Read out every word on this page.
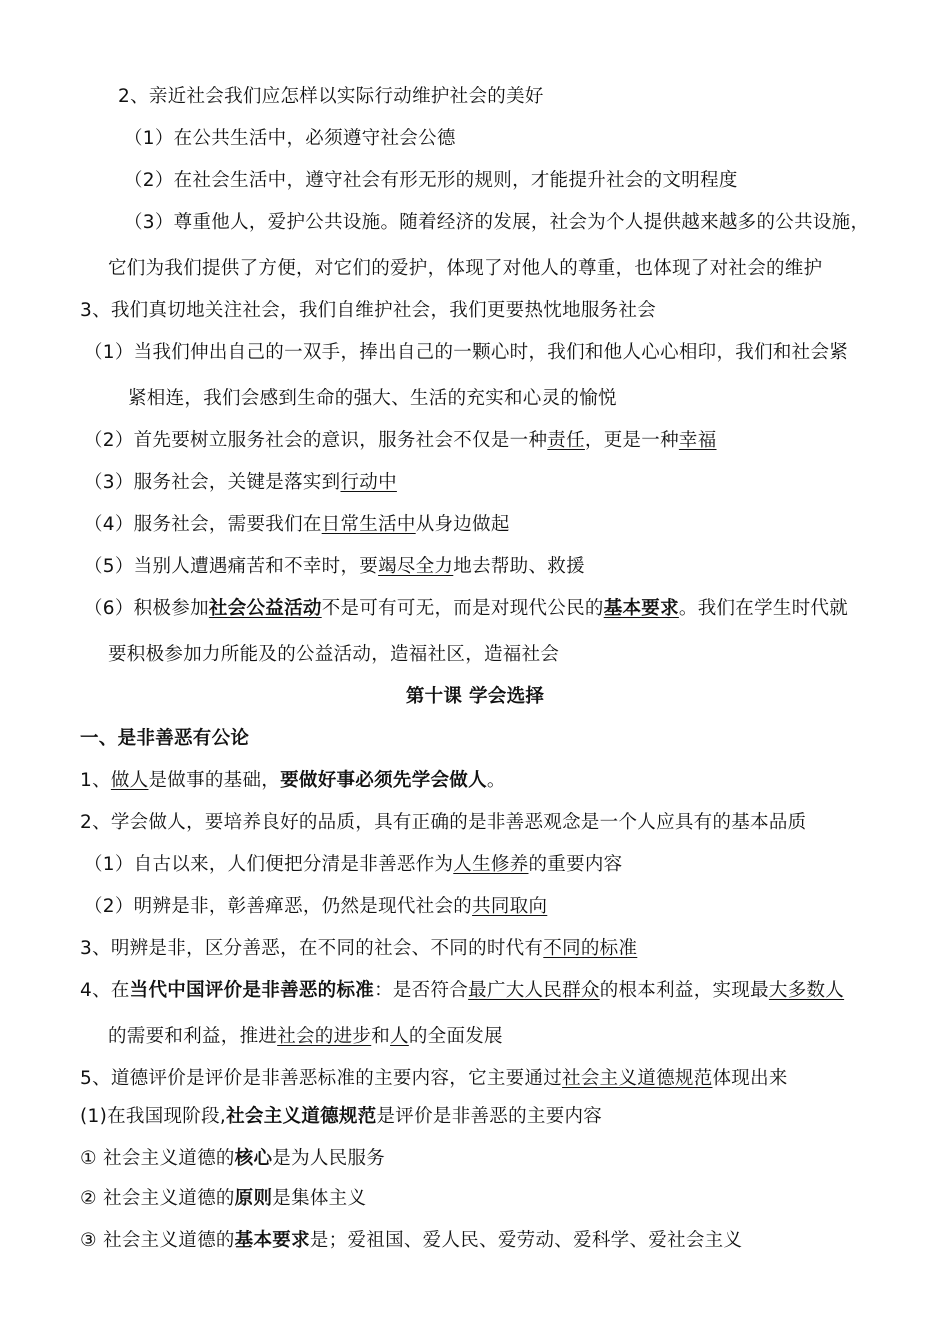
2、亲近社会我们应怎样以实际行动维护社会的美好
（1）在公共生活中，必须遵守社会公德
（2）在社会生活中，遵守社会有形无形的规则，才能提升社会的文明程度
（3）尊重他人，爱护公共设施。随着经济的发展，社会为个人提供越来越多的公共设施，
它们为我们提供了方便，对它们的爱护，体现了对他人的尊重，也体现了对社会的维护
3、我们真切地关注社会，我们自维护社会，我们更要热忱地服务社会
（1）当我们伸出自己的一双手，捧出自己的一颗心时，我们和他人心心相印，我们和社会紧
紧相连，我们会感到生命的强大、生活的充实和心灵的愉悦
（2）首先要树立服务社会的意识，服务社会不仅是一种责任，更是一种幸福
（3）服务社会，关键是落实到行动中
（4）服务社会，需要我们在日常生活中从身边做起
（5）当别人遭遇痛苦和不幸时，要竭尽全力地去帮助、救援
（6）积极参加社会公益活动不是可有可无，而是对现代公民的基本要求。我们在学生时代就
要积极参加力所能及的公益活动，造福社区，造福社会
第十课 学会选择
一、是非善恶有公论
1、做人是做事的基础，要做好事必须先学会做人。
2、学会做人，要培养良好的品质，具有正确的是非善恶观念是一个人应具有的基本品质
（1）自古以来，人们便把分清是非善恶作为人生修养的重要内容
（2）明辨是非，彰善瘅恶，仍然是现代社会的共同取向
3、明辨是非，区分善恶，在不同的社会、不同的时代有不同的标准
4、在当代中国评价是非善恶的标准：是否符合最广大人民群众的根本利益，实现最大多数人
的需要和利益，推进社会的进步和人的全面发展
5、道德评价是评价是非善恶标准的主要内容，它主要通过社会主义道德规范体现出来
(1)在我国现阶段,社会主义道德规范是评价是非善恶的主要内容
① 社会主义道德的核心是为人民服务
② 社会主义道德的原则是集体主义
③ 社会主义道德的基本要求是；爱祖国、爱人民、爱劳动、爱科学、爱社会主义
